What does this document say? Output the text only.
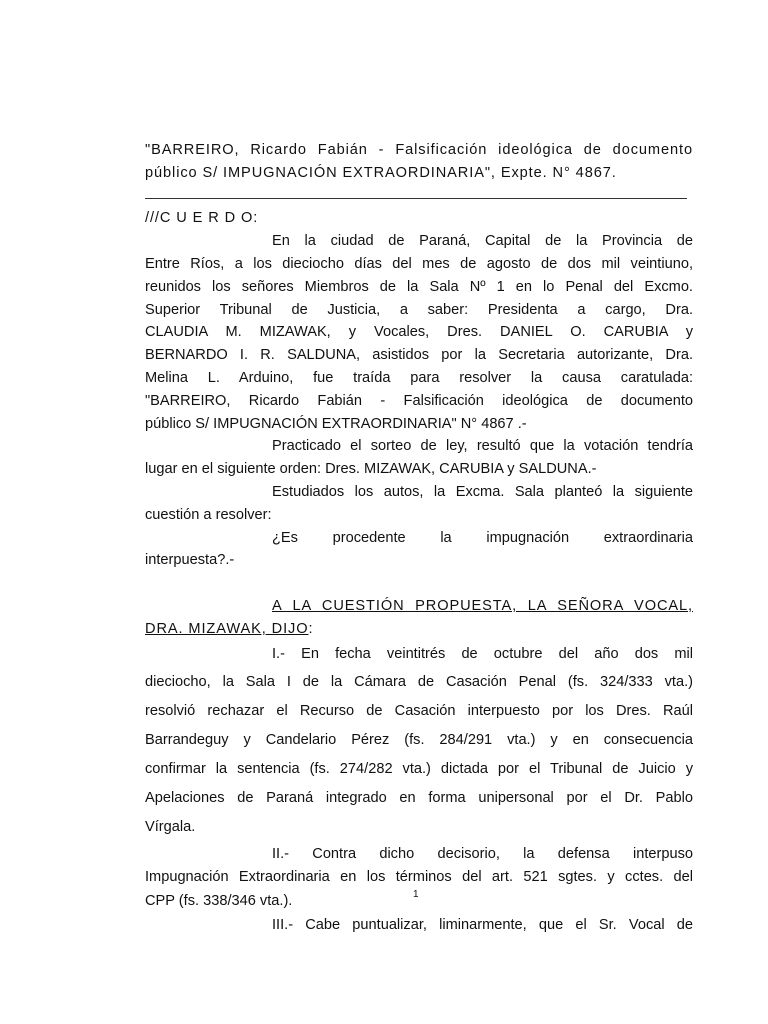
"BARREIRO, Ricardo Fabián - Falsificación ideológica de documento
público S/ IMPUGNACIÓN EXTRAORDINARIA", Expte. N° 4867.
///C U E R D O:
En la ciudad de Paraná, Capital de la Provincia de
Entre Ríos, a los dieciocho días del mes de agosto de dos mil veintiuno,
reunidos los señores Miembros de la Sala Nº 1 en lo Penal del Excmo.
Superior Tribunal de Justicia, a saber: Presidenta a cargo, Dra.
CLAUDIA M. MIZAWAK, y Vocales, Dres. DANIEL O. CARUBIA y
BERNARDO I. R. SALDUNA, asistidos por la Secretaria autorizante, Dra.
Melina L. Arduino, fue traída para resolver la causa caratulada:
"BARREIRO, Ricardo Fabián - Falsificación ideológica de documento
público S/ IMPUGNACIÓN EXTRAORDINARIA" N° 4867 .-
Practicado el sorteo de ley, resultó que la votación tendría
lugar en el siguiente orden: Dres. MIZAWAK, CARUBIA y SALDUNA.-
Estudiados los autos, la Excma. Sala planteó la siguiente
cuestión a resolver:
¿Es procedente la impugnación extraordinaria
interpuesta?.-
A LA CUESTIÓN PROPUESTA, LA SEÑORA VOCAL,
DRA. MIZAWAK, DIJO:
I.- En fecha veintitrés de octubre del año dos mil
dieciocho, la Sala I de la Cámara de Casación Penal (fs. 324/333 vta.)
resolvió rechazar el Recurso de Casación interpuesto por los Dres. Raúl
Barrandeguy y Candelario Pérez (fs. 284/291 vta.) y en consecuencia
confirmar la sentencia (fs. 274/282 vta.) dictada por el Tribunal de Juicio y
Apelaciones de Paraná integrado en forma unipersonal por el Dr. Pablo
Vírgala.
II.- Contra dicho decisorio, la defensa interpuso
Impugnación Extraordinaria en los términos del art. 521 sgtes. y cctes. del
CPP (fs. 338/346 vta.).
III.- Cabe puntualizar, liminarmente, que el Sr. Vocal de
1
